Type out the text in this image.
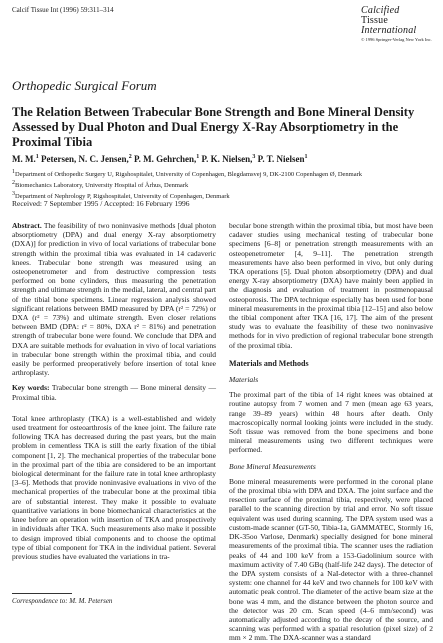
Calcif Tissue Int (1996) 59:311–314	Calcified
Tissue
International
© 1996 Springer-Verlag New York Inc.
Orthopedic Surgical Forum
The Relation Between Trabecular Bone Strength and Bone Mineral Density Assessed by Dual Photon and Dual Energy X-Ray Absorptiometry in the Proximal Tibia
M. M.$^1$ Petersen, N. C. Jensen,$^2$ P. M. Gehrchen,$^1$ P. K. Nielsen,$^3$ P. T. Nielsen$^1$
$^1$Department of Orthopedic Surgery U, Rigshospitalet, University of Copenhagen, Blegdamsvej 9, DK-2100 Copenhagen Ø, Denmark
$^2$Biomechanics Laboratory, University Hospital of Århus, Denmark
$^3$Department of Nephrology P, Rigshospitalet, University of Copenhagen, Denmark
Received: 7 September 1995 / Accepted: 16 February 1996

Abstract. The feasibility of two noninvasive methods [dual photon absorptiometry (DPA) and dual energy X-ray absorptiometry (DXA)] for prediction in vivo of local variations of trabecular bone strength within the proximal tibia was evaluated in 14 cadaveric knees. Trabecular bone strength was measured using an osteopenetrometer and from destructive compression tests performed on bone cylinders, thus measuring the penetration strength and ultimate strength in the medial, lateral, and central part of the tibial bone specimens. Linear regression analysis showed significant relations between BMD measured by DPA (r² = 72%) or DXA (r² = 73%) and ultimate strength. Even closer relations between BMD (DPA: r² = 80%, DXA r² = 81%) and penetration strength of trabecular bone were found. We conclude that DPA and DXA are suitable methods for evaluation in vivo of local variations in trabecular bone strength within the proximal tibia, and could easily be performed preoperatively before insertion of total knee arthroplasty.

Key words: Trabecular bone strength — Bone mineral density — Proximal tibia.

Total knee arthroplasty (TKA) is a well-established and widely used treatment for osteoarthrosis of the knee joint. The failure rate following TKA has decreased during the past years, but the main problem in cementless TKA is still the early fixation of the tibial component [1, 2]. The mechanical properties of the trabecular bone in the proximal part of the tibia are considered to be an important biological determinant for the failure rate in total knee arthroplasty [3–6]. Methods that provide noninvasive evaluations in vivo of the mechanical properties of the trabecular bone at the proximal tibia are of substantial interest. They make it possible to evaluate quantitative variations in bone biomechanical characteristics at the knee before an operation with insertion of TKA and prospectively in individuals after TKA. Such measurements also make it possible to design improved tibial components and to choose the optimal type of tibial component for TKA in the individual patient. Several previous studies have evaluated the variations in tra-

becular bone strength within the proximal tibia, but most have been cadaver studies using mechanical testing of trabecular bone specimens [6–8] or penetration strength measurements with an osteopenetrometer [4, 9–11]. The penetration strength measurements have also been performed in vivo, but only during TKA operations [5]. Dual photon absorptiometry (DPA) and dual energy X-ray absorptiometry (DXA) have mainly been applied in the diagnosis and evaluation of treatment in postmenopausal osteoporosis. The DPA technique especially has been used for bone mineral measurements in the proximal tibia [12–15] and also below the tibial component after TKA [16, 17]. The aim of the present study was to evaluate the feasibility of these two noninvasive methods for in vivo prediction of regional trabecular bone strength of the proximal tibia.

Materials and Methods

Materials

The proximal part of the tibia of 14 right knees was obtained at routine autopsy from 7 women and 7 men (mean age 63 years, range 39–89 years) within 48 hours after death. Only macroscopically normal looking joints were included in the study. Soft tissue was removed from the bone specimens and bone mineral measurements using two different techniques were performed.

Bone Mineral Measurements

Bone mineral measurements were performed in the coronal plane of the proximal tibia with DPA and DXA. The joint surface and the resection surface of the proximal tibia, respectively, were placed parallel to the scanning direction by trial and error. No soft tissue equivalent was used during scanning. The DPA system used was a custom-made scanner (GT-50, Tibia-1a, GAMMATEC, Stormly 16, DK-35oo Varlose, Denmark) specially designed for bone mineral measurements of the proximal tibia. The scanner uses the radiation peaks of 44 and 100 keV from a 153-Gadolinium source with maximum activity of 7.40 GBq (half-life 242 days). The detector of the DPA system consists of a NaI-detector with a three-channel system: one channel for 44 keV and two channels for 100 keV with automatic peak control. The diameter of the active beam size at the bone was 4 mm, and the distance between the photon source and the detector was 20 cm. Scan speed (4–6 mm/second) was automatically adjusted according to the decay of the source, and scanning was performed with a spatial resolution (pixel size) of 2 mm × 2 mm. The DXA-scanner was a standard

Correspondence to: M. M. Petersen
